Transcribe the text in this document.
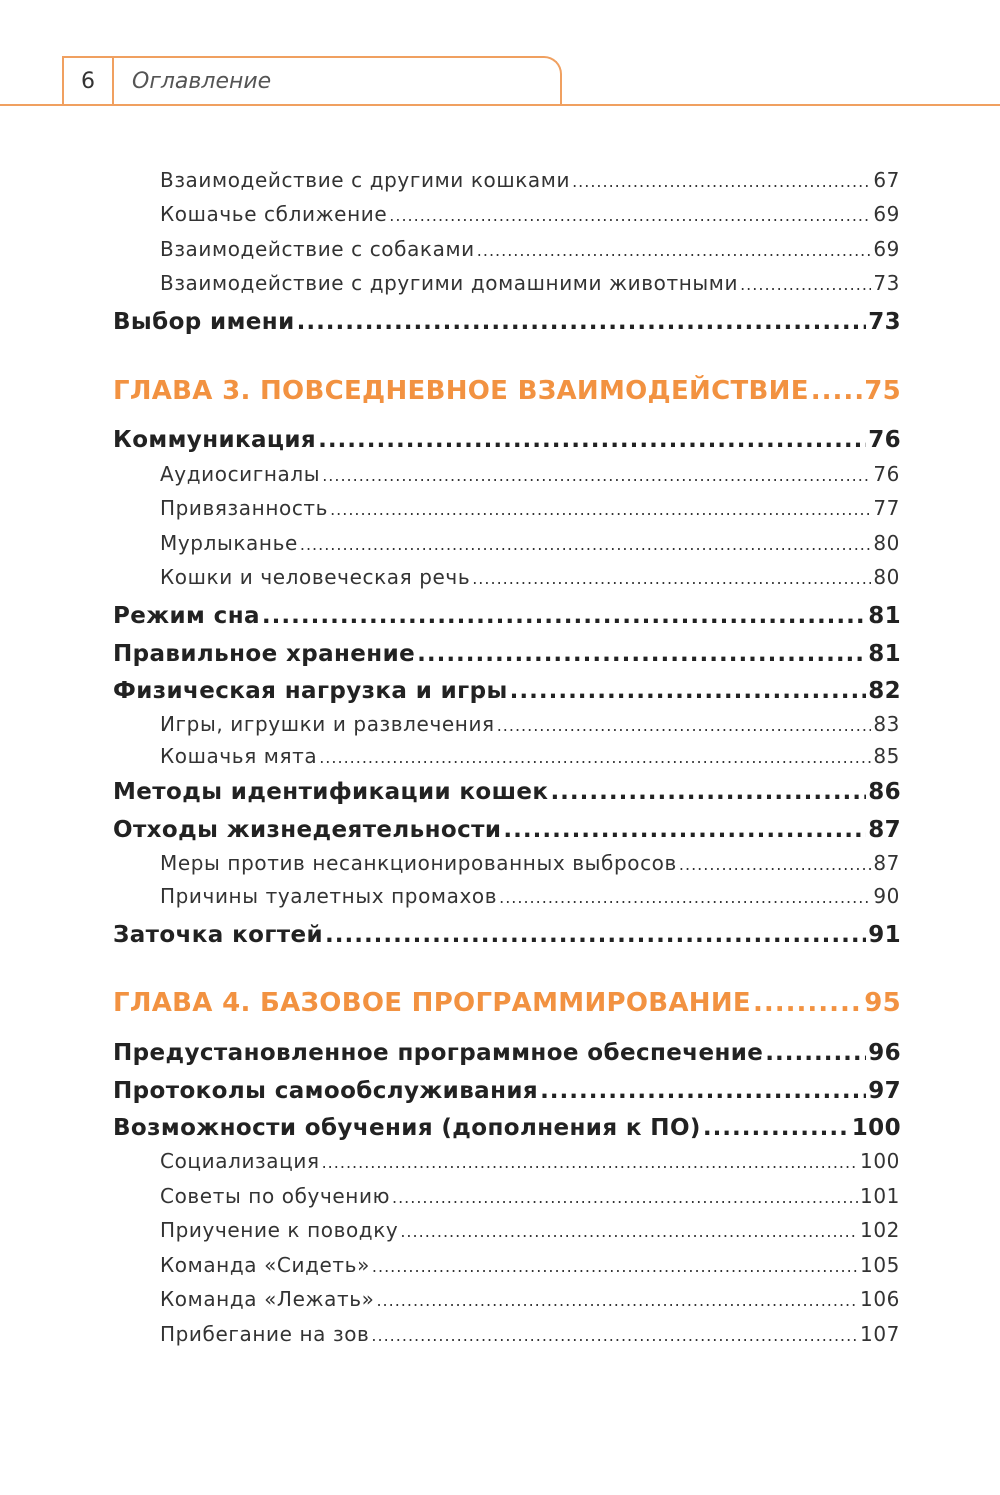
6	Оглавление
Взаимодействие с другими кошками .....	67
Кошачье сближение .....	69
Взаимодействие с собаками .....	69
Взаимодействие с другими домашними животными .....	73
Выбор имени .....	73
ГЛАВА 3. ПОВСЕДНЕВНОЕ ВЗАИМОДЕЙСТВИЕ ..... 75
Коммуникация .....	76
Аудиосигналы .....	76
Привязанность .....	77
Мурлыканье .....	80
Кошки и человеческая речь .....	80
Режим сна .....	81
Правильное хранение .....	81
Физическая нагрузка и игры .....	82
Игры, игрушки и развлечения .....	83
Кошачья мята .....	85
Методы идентификации кошек .....	86
Отходы жизнедеятельности .....	87
Меры против несанкционированных выбросов .....	87
Причины туалетных промахов .....	90
Заточка когтей .....	91
ГЛАВА 4. БАЗОВОЕ ПРОГРАММИРОВАНИЕ .....	95
Предустановленное программное обеспечение .....	96
Протоколы самообслуживания .....	97
Возможности обучения (дополнения к ПО) .....	100
Социализация .....	100
Советы по обучению .....	101
Приучение к поводку .....	102
Команда «Сидеть» .....	105
Команда «Лежать» .....	106
Прибегание на зов .....	107
